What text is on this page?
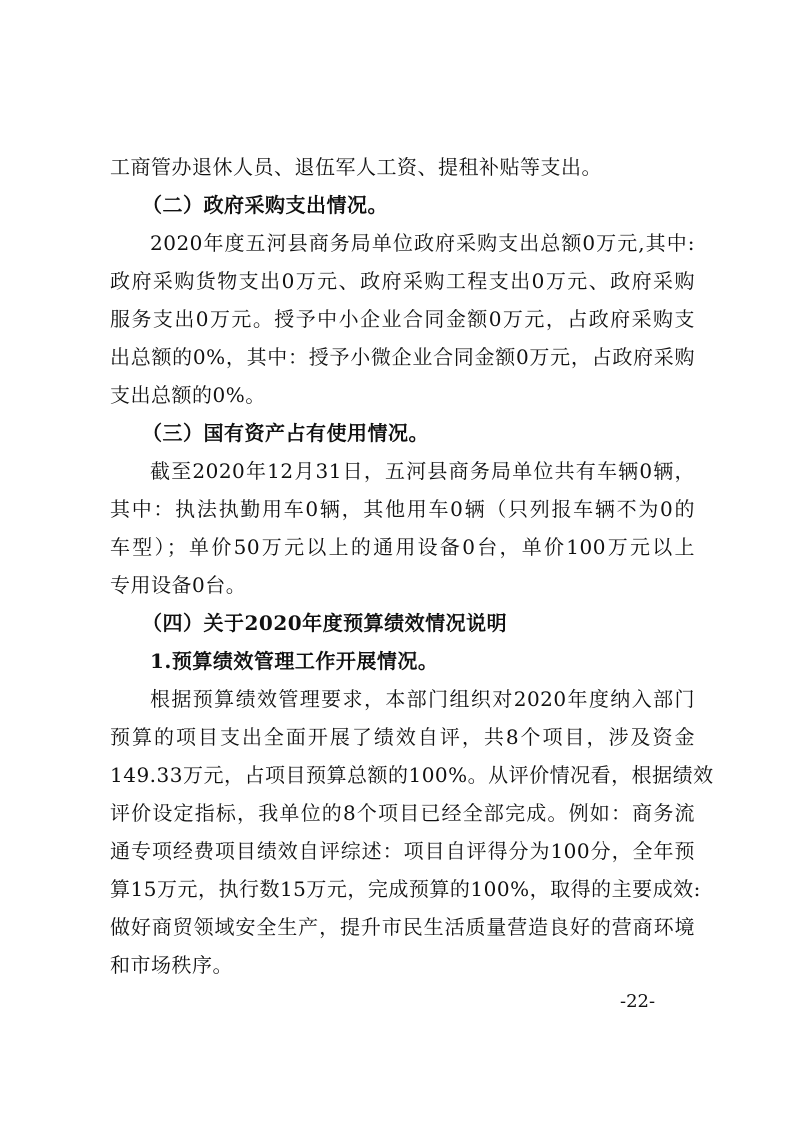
工商管办退休人员、退伍军人工资、提租补贴等支出。
（二）政府采购支出情况。
2020年度五河县商务局单位政府采购支出总额0万元,其中:
政府采购货物支出0万元、政府采购工程支出0万元、政府采购
服务支出0万元。授予中小企业合同金额0万元，占政府采购支
出总额的0%，其中：授予小微企业合同金额0万元，占政府采购
支出总额的0%。
（三）国有资产占有使用情况。
截至2020年12月31日，五河县商务局单位共有车辆0辆，
其中：执法执勤用车0辆，其他用车0辆（只列报车辆不为0的
车型）；单价50万元以上的通用设备0台，单价100万元以上
专用设备0台。
（四）关于2020年度预算绩效情况说明
1.预算绩效管理工作开展情况。
根据预算绩效管理要求，本部门组织对2020年度纳入部门
预算的项目支出全面开展了绩效自评，共8个项目，涉及资金
149.33万元，占项目预算总额的100%。从评价情况看，根据绩效
评价设定指标，我单位的8个项目已经全部完成。例如：商务流
通专项经费项目绩效自评综述：项目自评得分为100分，全年预
算15万元，执行数15万元，完成预算的100%，取得的主要成效:
做好商贸领域安全生产，提升市民生活质量营造良好的营商环境
和市场秩序。
-22-
